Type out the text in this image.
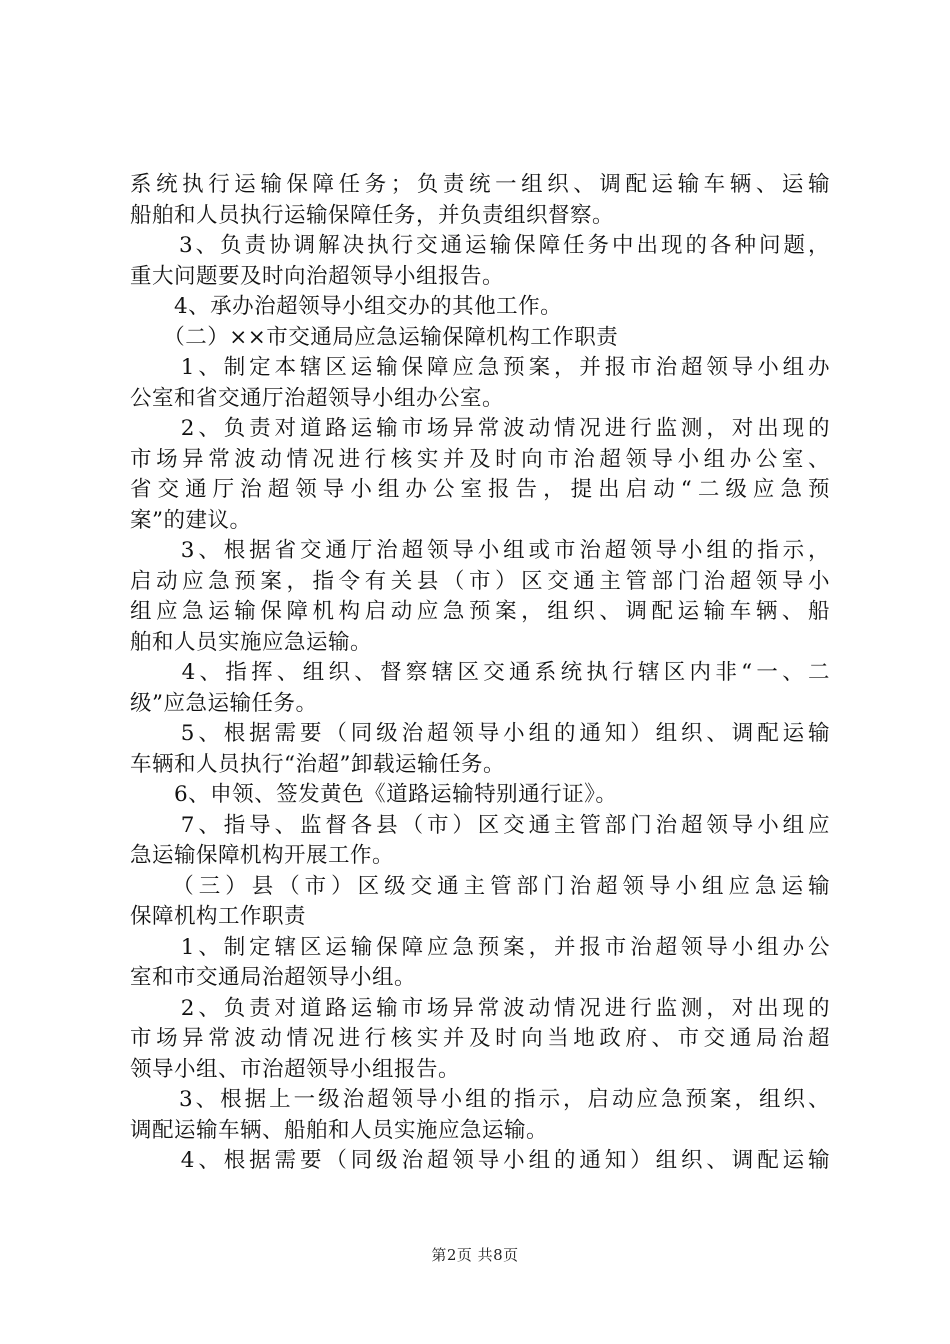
系统执行运输保障任务；负责统一组织、调配运输车辆、运输
船舶和人员执行运输保障任务，并负责组织督察。
　　3、负责协调解决执行交通运输保障任务中出现的各种问题，
重大问题要及时向治超领导小组报告。
　　4、承办治超领导小组交办的其他工作。
　　（二）××市交通局应急运输保障机构工作职责
　　1、制定本辖区运输保障应急预案，并报市治超领导小组办
公室和省交通厅治超领导小组办公室。
　　2、负责对道路运输市场异常波动情况进行监测，对出现的
市场异常波动情况进行核实并及时向市治超领导小组办公室、
省交通厅治超领导小组办公室报告，提出启动“二级应急预
案”的建议。
　　3、根据省交通厅治超领导小组或市治超领导小组的指示，
启动应急预案，指令有关县（市）区交通主管部门治超领导小
组应急运输保障机构启动应急预案，组织、调配运输车辆、船
舶和人员实施应急运输。
　　4、指挥、组织、督察辖区交通系统执行辖区内非“一、二
级”应急运输任务。
　　5、根据需要（同级治超领导小组的通知）组织、调配运输
车辆和人员执行“治超”卸载运输任务。
　　6、申领、签发黄色《道路运输特别通行证》。
　　7、指导、监督各县（市）区交通主管部门治超领导小组应
急运输保障机构开展工作。
　　（三）县（市）区级交通主管部门治超领导小组应急运输
保障机构工作职责
　　1、制定辖区运输保障应急预案，并报市治超领导小组办公
室和市交通局治超领导小组。
　　2、负责对道路运输市场异常波动情况进行监测，对出现的
市场异常波动情况进行核实并及时向当地政府、市交通局治超
领导小组、市治超领导小组报告。
　　3、根据上一级治超领导小组的指示，启动应急预案，组织、
调配运输车辆、船舶和人员实施应急运输。
　　4、根据需要（同级治超领导小组的通知）组织、调配运输
第2页 共8页
